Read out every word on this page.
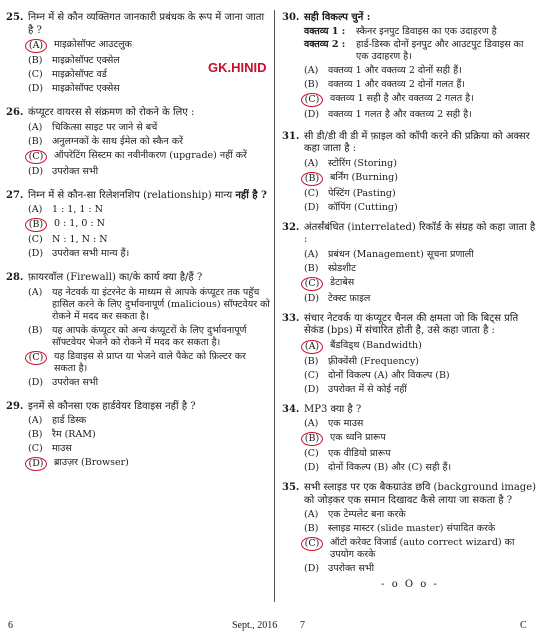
GK.HINID
25. निम्न में से कौन व्यक्तिगत जानकारी प्रबंधक के रूप में जाना जाता है ?
(A)	माइक्रोसॉफ्ट आउटलुक
(B)	माइक्रोसॉफ्ट एक्सेल
(C) माइक्रोसॉफ्ट वर्ड
(D) माइक्रोसॉफ्ट एक्सेस
26. कंप्यूटर वायरस से संक्रमण को रोकने के लिए :
(A)	चिकित्सा साइट पर जाने से बचें
(B)	अनुलग्नकों के साथ ईमेल को स्कैन करें
(C)	ऑपरेटिंग सिस्टम का नवीनीकरण (upgrade) नहीं करें
(D) उपरोक्त सभी
27. निम्न में से कौन-सा रिलेशनशिप (relationship) मान्य नहीं है ?
(A)	1 : 1, 1 : N
(B)	0 : 1, 0 : N
(C) N : 1, N : N
(D) उपरोक्त सभी मान्य हैं।
28. फ़ायरवॉल (Firewall) का/के कार्य क्या है/हैं ?
(A)	यह नेटवर्क या इंटरनेट के माध्यम से आपके कंप्यूटर तक पहुँच हासिल करने के लिए दुर्भावनापूर्ण (malicious) सॉफ्टवेयर को रोकने में मदद कर सकता है।
(B)	यह आपके कंप्यूटर को अन्य कंप्यूटरों के लिए दुर्भावनापूर्ण सॉफ्टवेयर भेजने को रोकने में मदद कर सकता है।
(C)	यह डिवाइस से प्राप्त या भेजने वाले पैकेट को फ़िल्टर कर सकता है।
(D) उपरोक्त सभी
29. इनमें से कौनसा एक हार्डवेयर डिवाइस नहीं है ?
(A)	हार्ड डिस्क
(B)	रैम (RAM)
(C) माउस
(D)	ब्राउज़र (Browser)
30. सही विकल्प चुनें :
वक्तव्य 1 :	स्कैनर इनपुट डिवाइस का एक उदाहरण है
वक्तव्य 2 :	हार्ड-डिस्क दोनों इनपुट और आउटपुट डिवाइस का एक उदाहरण है।
(A)	वक्तव्य 1 और वक्तव्य 2 दोनों सही हैं।
(B)	वक्तव्य 1 और वक्तव्य 2 दोनों गलत हैं।
(C)	वक्तव्य 1 सही है और वक्तव्य 2 गलत है।
(D) वक्तव्य 1 गलत है और वक्तव्य 2 सही है।
31. सी डी/डी वी डी में फ़ाइल को कॉपी करने की प्रक्रिया को अक्सर कहा जाता है :
(A)	स्टोरिंग (Storing)
(B)	बर्निंग (Burning)
(C) पेस्टिंग (Pasting)
(D) कॉपिंग (Cutting)
32. अंतर्संबंधित (interrelated) रिकॉर्ड के संग्रह को कहा जाता है :
(A)	प्रबंधन (Management) सूचना प्रणाली
(B)	स्प्रेडशीट
(C)	डेटाबेस
(D) टेक्स्ट फ़ाइल
33. संचार नेटवर्क या कंप्यूटर चैनल की क्षमता जो कि बिट्स प्रति सेकंड (bps) में संचारित होती है, उसे कहा जाता है :
(A)	बैंडविड्थ (Bandwidth)
(B)	फ़्रीक्वेंसी (Frequency)
(C) दोनों विकल्प (A) और विकल्प (B)
(D) उपरोक्त में से कोई नहीं
34. MP3 क्या है ?
(A)	एक माउस
(B)	एक ध्वनि प्रारूप
(C) एक वीडियो प्रारूप
(D) दोनों विकल्प (B) और (C) सही हैं।
35. सभी स्लाइड पर एक बैकग्राउंड छवि (background image) को जोड़कर एक समान दिखावट कैसे लाया जा सकता है ?
(A)	एक टेम्पलेट बना करके
(B)	स्लाइड मास्टर (slide master) संपादित करके
(C)	ऑटो करेक्ट विजार्ड (auto correct wizard) का उपयोग करके
(D) उपरोक्त सभी
- o O o -
6	Sept., 2016 7	C
